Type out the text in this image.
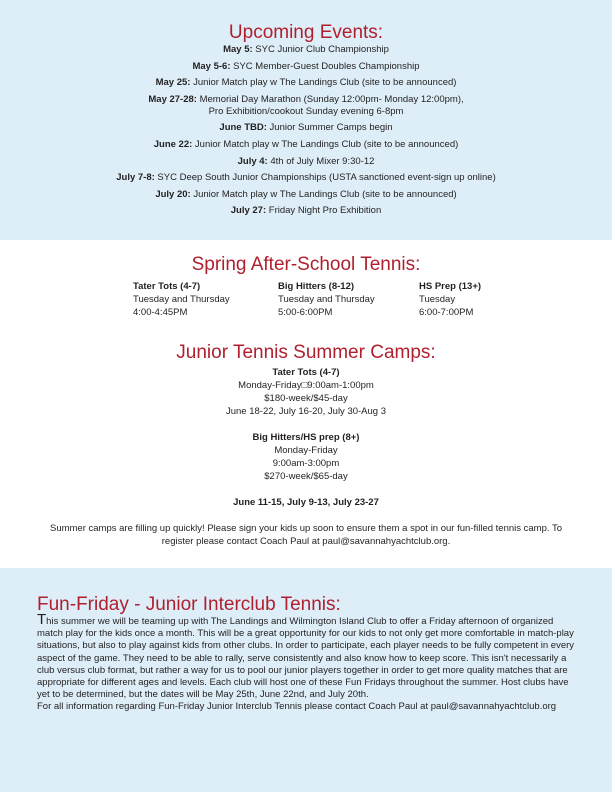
Upcoming Events:
May 5: SYC Junior Club Championship
May 5-6: SYC Member-Guest Doubles Championship
May 25: Junior Match play w The Landings Club (site to be announced)
May 27-28: Memorial Day Marathon (Sunday 12:00pm- Monday 12:00pm),
Pro Exhibition/cookout Sunday evening 6-8pm
June TBD: Junior Summer Camps begin
June 22: Junior Match play w The Landings Club (site to be announced)
July 4: 4th of July Mixer 9:30-12
July 7-8: SYC Deep South Junior Championships (USTA sanctioned event-sign up online)
July 20: Junior Match play w The Landings Club (site to be announced)
July 27: Friday Night Pro Exhibition
Spring After-School Tennis:
Tater Tots (4-7)
Tuesday and Thursday
4:00-4:45PM
Big Hitters (8-12)
Tuesday and Thursday
5:00-6:00PM
HS Prep (13+)
Tuesday
6:00-7:00PM
Junior Tennis Summer Camps:
Tater Tots (4-7)
Monday-Friday□9:00am-1:00pm
$180-week/$45-day
June 18-22, July 16-20, July 30-Aug 3
Big Hitters/HS prep (8+)
Monday-Friday
9:00am-3:00pm
$270-week/$65-day
June 11-15, July 9-13, July 23-27
Summer camps are filling up quickly! Please sign your kids up soon to ensure them a spot in our fun-filled tennis camp. To register please contact Coach Paul at paul@savannahyachtclub.org.
Fun-Friday - Junior Interclub Tennis:
This summer we will be teaming up with The Landings and Wilmington Island Club to offer a Friday afternoon of organized match play for the kids once a month. This will be a great opportunity for our kids to not only get more comfortable in match-play situations, but also to play against kids from other clubs. In order to participate, each player needs to be fully competent in every aspect of the game. They need to be able to rally, serve consistently and also know how to keep score. This isn't necessarily a club versus club format, but rather a way for us to pool our junior players together in order to get more quality matches that are appropriate for different ages and levels. Each club will host one of these Fun Fridays throughout the summer. Host clubs have yet to be determined, but the dates will be May 25th, June 22nd, and July 20th.
For all information regarding Fun-Friday Junior Interclub Tennis please contact Coach Paul at paul@savannahyachtclub.org
